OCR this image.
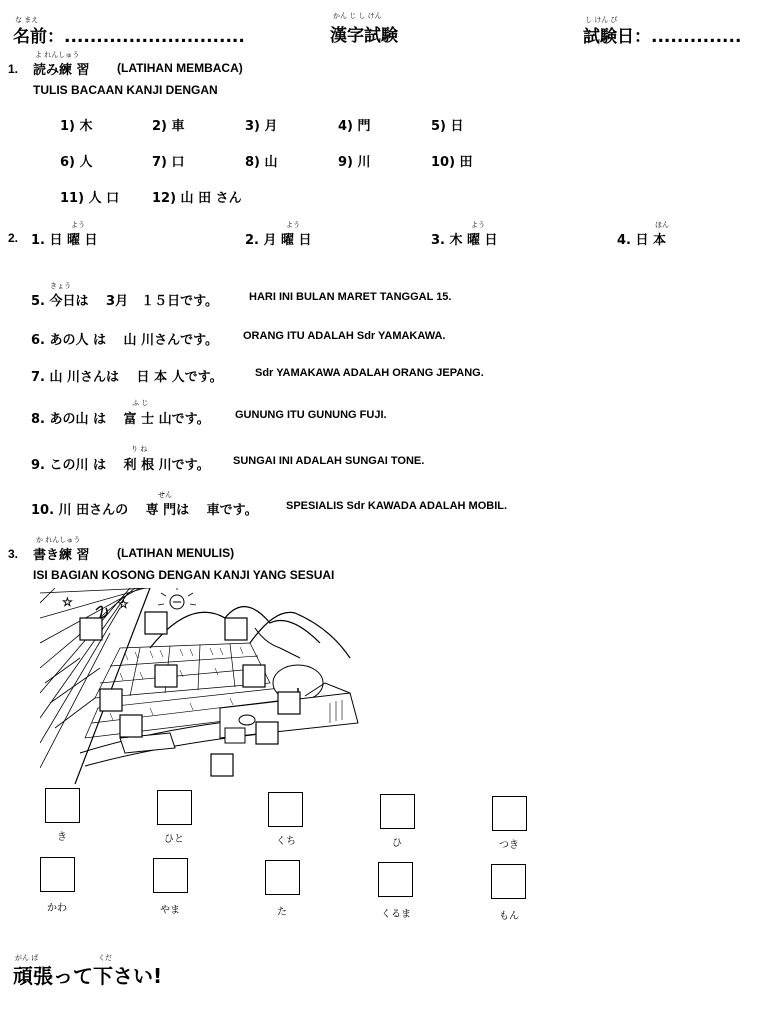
な まえ
名前：............................
かん じ し けん
漢字試験
し けん び
試験日：..............
1.
よ れんしゅう
読み練 習 (LATIHAN MEMBACA)
TULIS BACAAN KANJI DENGAN
1) 木	2) 車	3) 月	4) 門	5) 日
6) 人	7) 口	8) 山	9) 川	10) 田
11) 人 口	12) 山 田 さん
2.
よう
1. 日 曜 日
よう
2. 月 曜 日
よう
3. 木 曜 日
ほん
4. 日 本
きょう
5. 今日は　 3月　１５日です。	HARI INI BULAN MARET TANGGAL 15.
6. あの人 は　 山 川さんです。 ORANG ITU ADALAH Sdr YAMAKAWA.
7. 山 川さんは　 日 本 人です。	Sdr YAMAKAWA ADALAH ORANG JEPANG.
ふ じ
8. あの山 は　 富 士 山です。 GUNUNG ITU GUNUNG FUJI.
り ね
9. この川 は　 利 根 川です。 SUNGAI INI ADALAH SUNGAI TONE.
せん
10. 川 田さんの　 専 門は　 車です。	SPESIALIS Sdr KAWADA ADALAH MOBIL.
3.
か れんしゅう
書き練 習 (LATIHAN MENULIS)
ISI BAGIAN KOSONG DENGAN KANJI YANG SESUAI
☆	☆
き	ひと	くち	ひ	つき
かわ	やま	た	くるま	もん
がん ば	くだ
頑張って下さい!
